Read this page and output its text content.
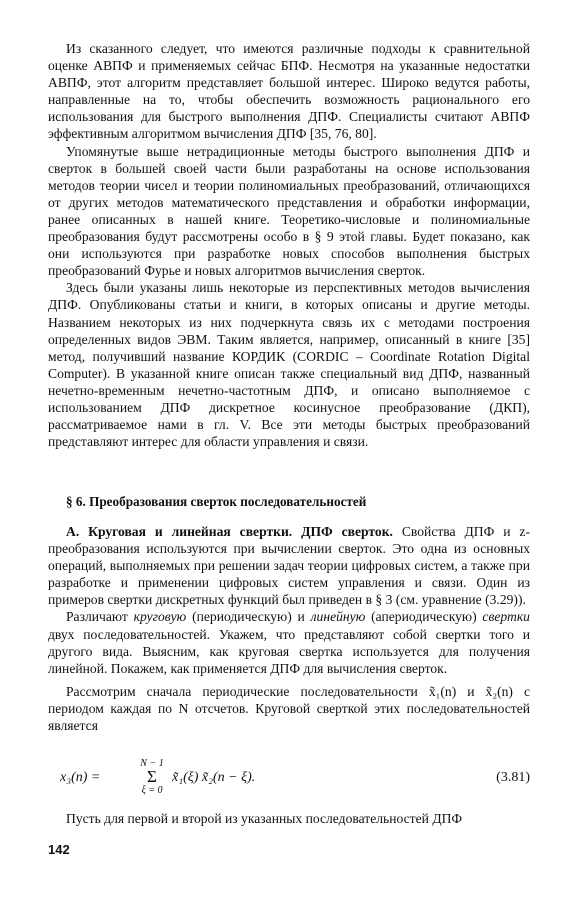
Из сказанного следует, что имеются различные подходы к сравнительной оценке АВПФ и применяемых сейчас БПФ. Несмотря на указанные недостатки АВПФ, этот алгоритм представляет большой интерес. Широко ведутся работы, направленные на то, чтобы обеспечить возможность рационального его использования для быстрого выполнения ДПФ. Специалисты считают АВПФ эффективным алгоритмом вычисления ДПФ [35, 76, 80].

Упомянутые выше нетрадиционные методы быстрого выполнения ДПФ и сверток в большей своей части были разработаны на основе использования методов теории чисел и теории полиномиальных преобразований, отличающихся от других методов математического представления и обработки информации, ранее описанных в нашей книге. Теоретико-числовые и полиномиальные преобразования будут рассмотрены особо в § 9 этой главы. Будет показано, как они используются при разработке новых способов выполнения быстрых преобразований Фурье и новых алгоритмов вычисления сверток.

Здесь были указаны лишь некоторые из перспективных методов вычисления ДПФ. Опубликованы статьи и книги, в которых описаны и другие методы. Названием некоторых из них подчеркнута связь их с методами построения определенных видов ЭВМ. Таким является, например, описанный в книге [35] метод, получивший название КОРДИК (CORDIC – Coordinate Rotation Digital Computer). В указанной книге описан также специальный вид ДПФ, названный нечетно-временным нечетно-частотным ДПФ, и описано выполняемое с использованием ДПФ дискретное косинусное преобразование (ДКП), рассматриваемое нами в гл. V. Все эти методы быстрых преобразований представляют интерес для области управления и связи.

§ 6. Преобразования сверток последовательностей

А. Круговая и линейная свертки. ДПФ сверток. Свойства ДПФ и z-преобразования используются при вычислении сверток. Это одна из основных операций, выполняемых при решении задач теории цифровых систем, а также при разработке и применении цифровых систем управления и связи. Один из примеров свертки дискретных функций был приведен в § 3 (см. уравнение (3.29)).

Различают круговую (периодическую) и линейную (апериодическую) свертки двух последовательностей. Укажем, что представляют собой свертки того и другого вида. Выясним, как круговая свертка используется для получения линейной. Покажем, как применяется ДПФ для вычисления сверток.

Рассмотрим сначала периодические последовательности x̃₁(n) и x̃₂(n) с периодом каждая по N отсчетов. Круговой сверткой этих последовательностей является

x₃(n) =
N − 1
Σ
ξ = 0
x̃₁(ξ) x̃₂(n − ξ).	(3.81)

Пусть для первой и второй из указанных последовательностей ДПФ

142
